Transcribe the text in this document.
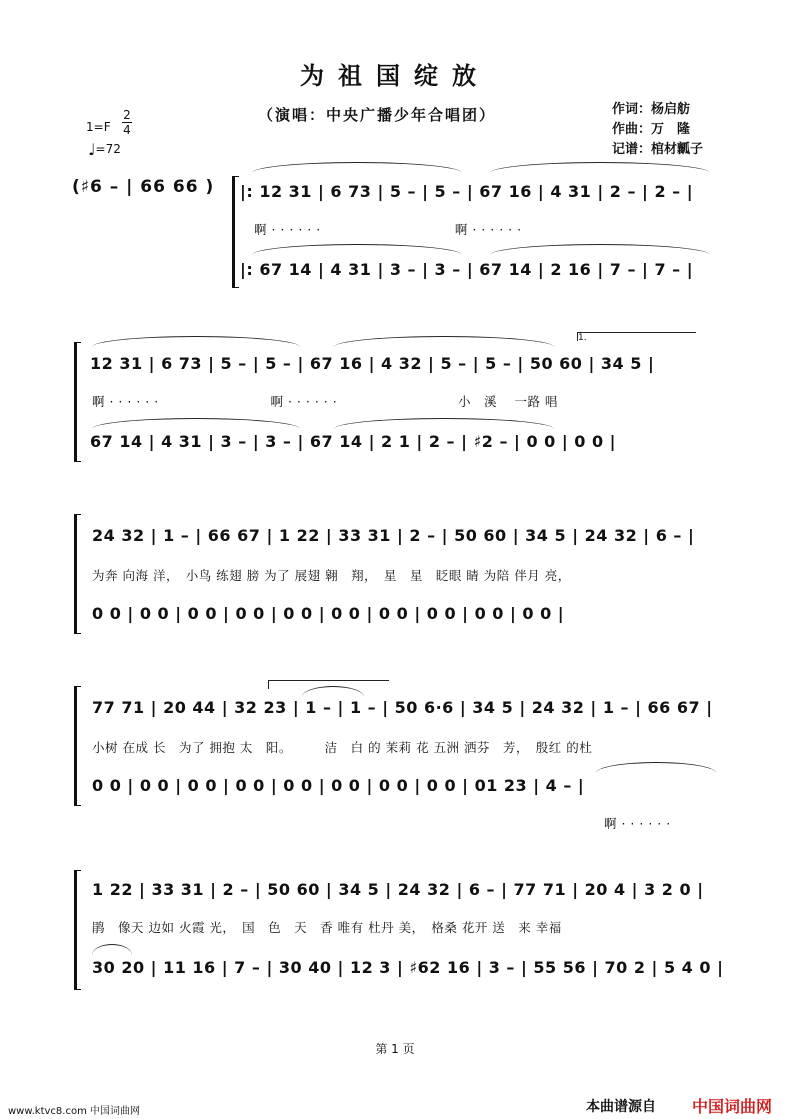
为祖国绽放
（演唱：中央广播少年合唱团）	作词：杨启舫
作曲：万　隆
记谱：棺材瓤子
1=F
2
4
♩=72
(♯6 – | 66 66 ) |: 12 31 | 6 73 | 5 – | 5 – | 67 16 | 4 31 | 2 – | 2 – |
啊 · · · · · ·                              啊 · · · · · ·
|: 67 14 | 4 31 | 3 – | 3 – | 67 14 | 2 16 | 7 – | 7 – |
1.
12 31 | 6 73 | 5 – | 5 – | 67 16 | 4 32 | 5 – | 5 – | 50 60 | 34 5 |
啊 · · · · · ·                         啊 · · · · · ·                           小　溪　 一路 唱
67 14 | 4 31 | 3 – | 3 – | 67 14 | 2 1 | 2 – | ♯2 – | 0 0 | 0 0 |
24 32 | 1 – | 66 67 | 1 22 | 33 31 | 2 – | 50 60 | 34 5 | 24 32 | 6 – |
为奔 向海 洋，　小鸟 练翅 膀 为了 展翅 翱　翔，　星　星　眨眼 睛 为陪 伴月 亮，
0 0 | 0 0 | 0 0 | 0 0 | 0 0 | 0 0 | 0 0 | 0 0 | 0 0 | 0 0 |
77 71 | 20 44 | 32 23 | 1 – | 1 – | 50 6·6 | 34 5 | 24 32 | 1 – | 66 67 |
小树 在成 长　为了 拥抱 太　阳。　　　洁　白 的 茉莉 花 五洲 洒芬　芳，　殷红 的杜
0 0 | 0 0 | 0 0 | 0 0 | 0 0 | 0 0 | 0 0 | 0 0 | 01 23 | 4 – |
啊 · · · · · ·
1 22 | 33 31 | 2 – | 50 60 | 34 5 | 24 32 | 6 – | 77 71 | 20 4 | 3 2 0 |
鹃　像天 边如 火霞 光，　国　色　天　香 唯有 杜丹 美，　格桑 花开 送　来 幸福
30 20 | 11 16 | 7 – | 30 40 | 12 3 | ♯62 16 | 3 – | 55 56 | 70 2 | 5 4 0 |
第 1 页
www.ktvc8.com 中国词曲网	本曲谱源自 中国词曲网
